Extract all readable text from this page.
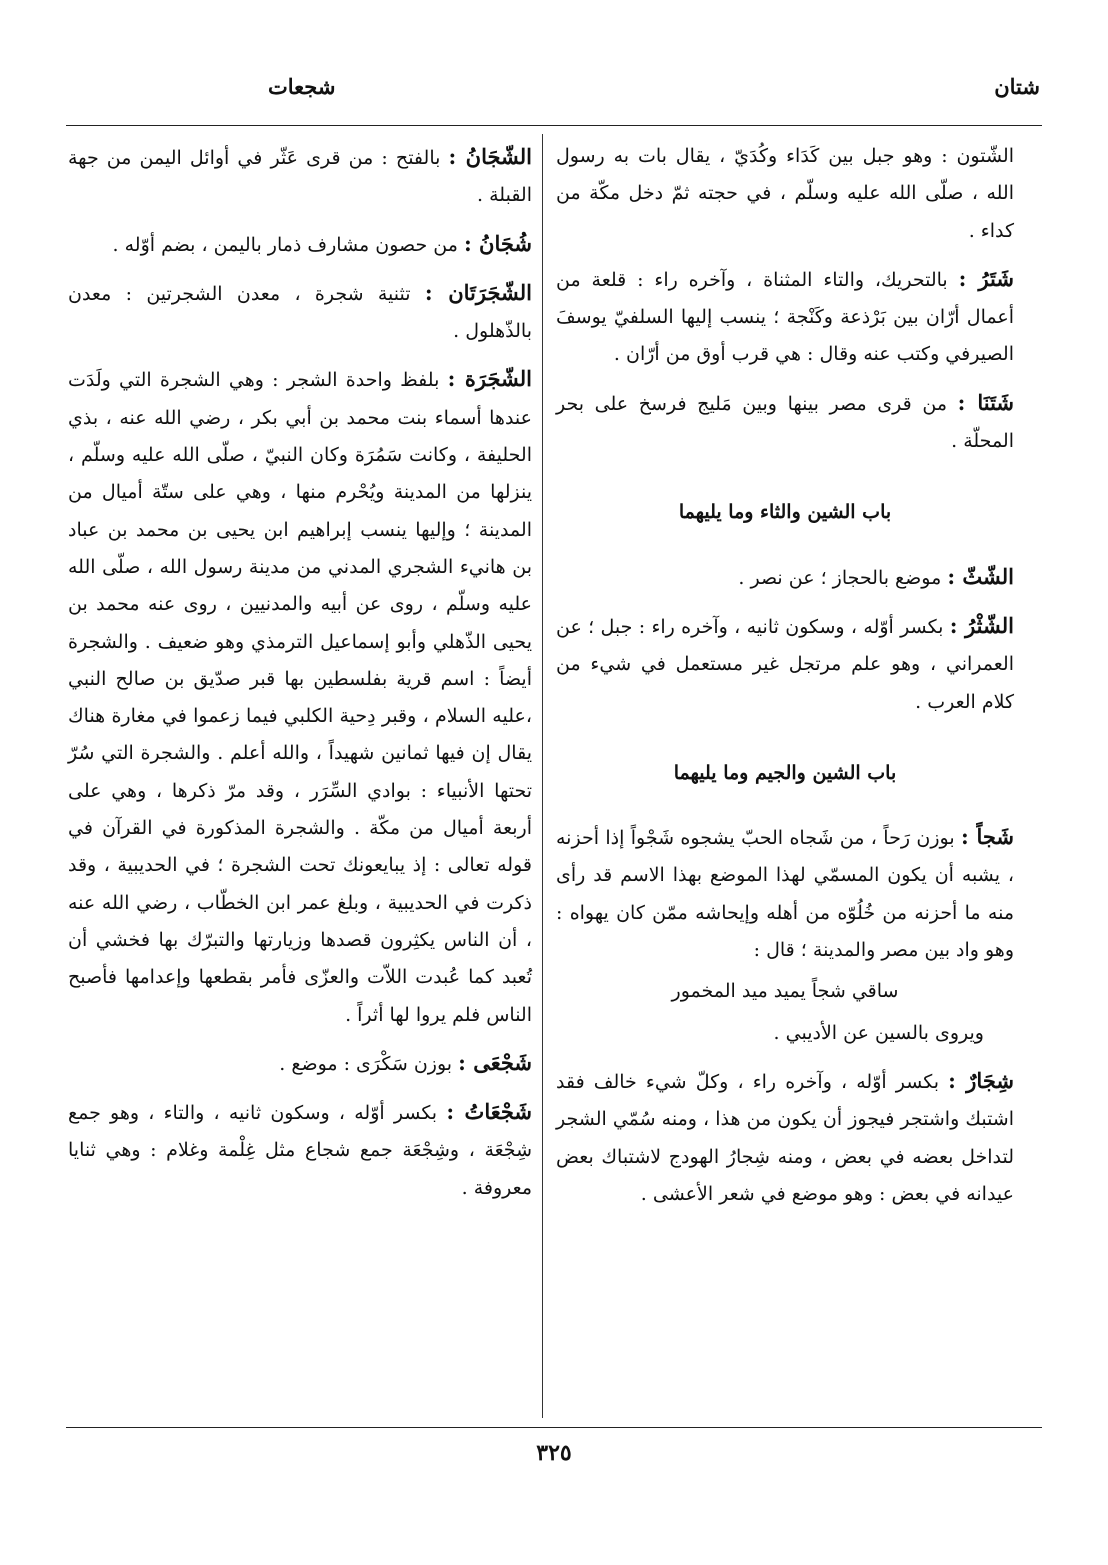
شتان
شجعات

الشّتون : وهو جبل بين كَدَاء وكُدَيّ ، يقال بات به رسول الله ، صلّى الله عليه وسلّم ، في حجته ثمّ دخل مكّة من كداء .

شَتَرُ : بالتحريك، والتاء المثناة ، وآخره راء : قلعة من أعمال أرّان بين بَرْذعة وكَنْجة ؛ ينسب إليها السلفيّ يوسفَ الصيرفي وكتب عنه وقال : هي قرب أوق من أرّان .

شَتَنَا : من قرى مصر بينها وبين مَليج فرسخ على بحر المحلّة .

باب الشين والثاء وما يليهما

الشّثّ : موضع بالحجاز ؛ عن نصر .

الشّثْرُ : بكسر أوّله ، وسكون ثانيه ، وآخره راء : جبل ؛ عن العمراني ، وهو علم مرتجل غير مستعمل في شيء من كلام العرب .

باب الشين والجيم وما يليهما

شَجاً : بوزن رَحاً ، من شَجاه الحبّ يشجوه شَجْواً إذا أحزنه ، يشبه أن يكون المسمّي لهذا الموضع بهذا الاسم قد رأى منه ما أحزنه من خُلُوّه من أهله وإيحاشه ممّن كان يهواه : وهو واد بين مصر والمدينة ؛ قال :

ساقي شجاً يميد ميد المخمور
ويروى بالسين عن الأديبي .

شِجَارٌ : بكسر أوّله ، وآخره راء ، وكلّ شيء خالف فقد اشتبك واشتجر فيجوز أن يكون من هذا ، ومنه سُمّي الشجر لتداخل بعضه في بعض ، ومنه شِجارُ الهودج لاشتباك بعض عيدانه في بعض : وهو موضع في شعر الأعشى .

الشّجَانُ : بالفتح : من قرى عَثّر في أوائل اليمن من جهة القبلة .

شُجَانُ : من حصون مشارف ذمار باليمن ، بضم أوّله .

الشّجَرَتَان : تثنية شجرة ، معدن الشجرتين : معدن بالذّهلول .

الشّجَرَة : بلفظ واحدة الشجر : وهي الشجرة التي ولَدَت عندها أسماء بنت محمد بن أبي بكر ، رضي الله عنه ، بذي الحليفة ، وكانت سَمُرَة وكان النبيّ ، صلّى الله عليه وسلّم ، ينزلها من المدينة ويُحْرم منها ، وهي على ستّة أميال من المدينة ؛ وإليها ينسب إبراهيم ابن يحيى بن محمد بن عباد بن هانيء الشجري المدني من مدينة رسول الله ، صلّى الله عليه وسلّم ، روى عن أبيه والمدنيين ، روى عنه محمد بن يحيى الذّهلي وأبو إسماعيل الترمذي وهو ضعيف . والشجرة أيضاً : اسم قرية بفلسطين بها قبر صدّيق بن صالح النبي ،عليه السلام ، وقبر دِحية الكلبي فيما زعموا في مغارة هناك يقال إن فيها ثمانين شهيداً ، والله أعلم . والشجرة التي سُرّ تحتها الأنبياء : بوادي السِّرَر ، وقد مرّ ذكرها ، وهي على أربعة أميال من مكّة . والشجرة المذكورة في القرآن في قوله تعالى : إذ يبايعونك تحت الشجرة ؛ في الحديبية ، وقد ذكرت في الحديبية ، وبلغ عمر ابن الخطّاب ، رضي الله عنه ، أن الناس يكثِرون قصدها وزيارتها والتبرّك بها فخشي أن تُعبد كما عُبدت اللاّت والعزّى فأمر بقطعها وإعدامها فأصبح الناس فلم يروا لها أثراً .

شَجْعَى : بوزن سَكْرَى : موضع .

شَجْعَاتُ : بكسر أوّله ، وسكون ثانيه ، والتاء ، وهو جمع شِجْعَة ، وشِجْعَة جمع شجاع مثل غِلْمة وغلام : وهي ثنايا معروفة .

٣٢٥
